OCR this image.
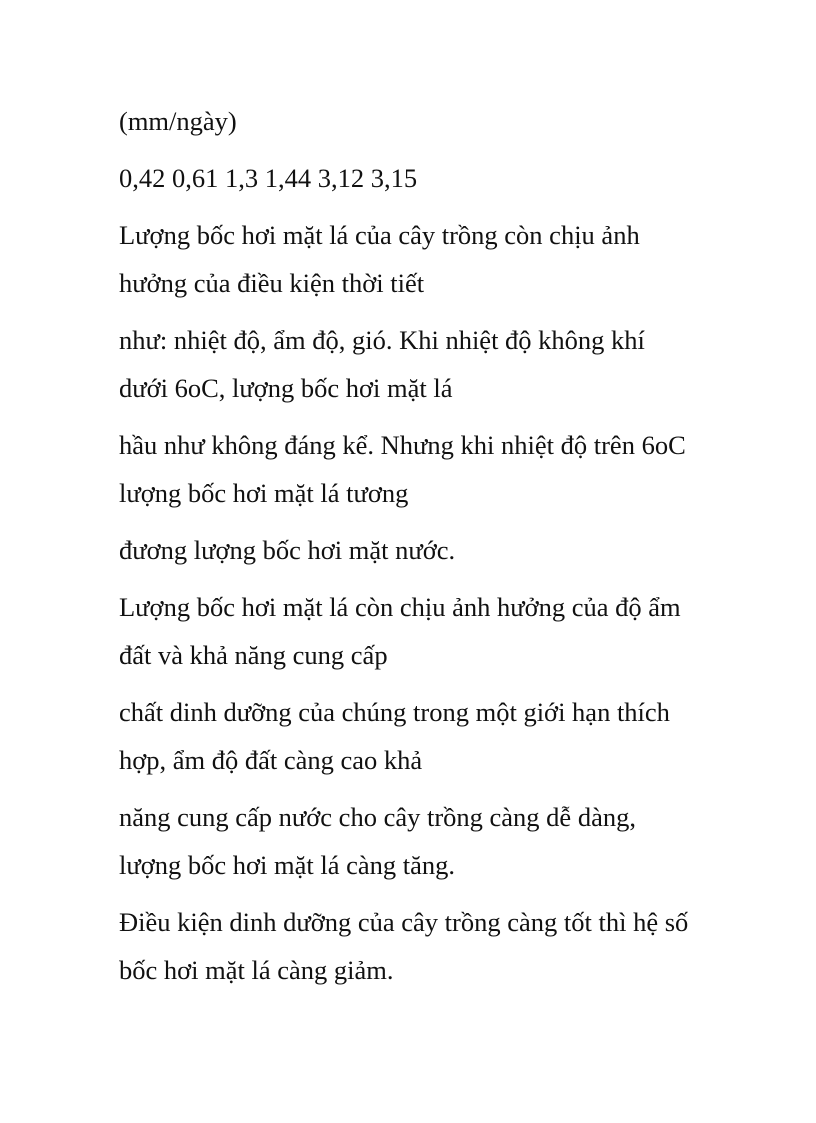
(mm/ngày)

0,42 0,61 1,3 1,44 3,12 3,15

Lượng bốc hơi mặt lá của cây trồng còn chịu ảnh

hưởng của điều kiện thời tiết

như: nhiệt độ, ẩm độ, gió. Khi nhiệt độ không khí

dưới 6oC, lượng bốc hơi mặt lá

hầu như không đáng kể. Nhưng khi nhiệt độ trên 6oC

lượng bốc hơi mặt lá tương

đương lượng bốc hơi mặt nước.

Lượng bốc hơi mặt lá còn chịu ảnh hưởng của độ ẩm

đất và khả năng cung cấp

chất dinh dưỡng của chúng trong một giới hạn thích

hợp, ẩm độ đất càng cao khả

năng cung cấp nước cho cây trồng càng dễ dàng,

lượng bốc hơi mặt lá càng tăng.

Điều kiện dinh dưỡng của cây trồng càng tốt thì hệ số

bốc hơi mặt lá càng giảm.
